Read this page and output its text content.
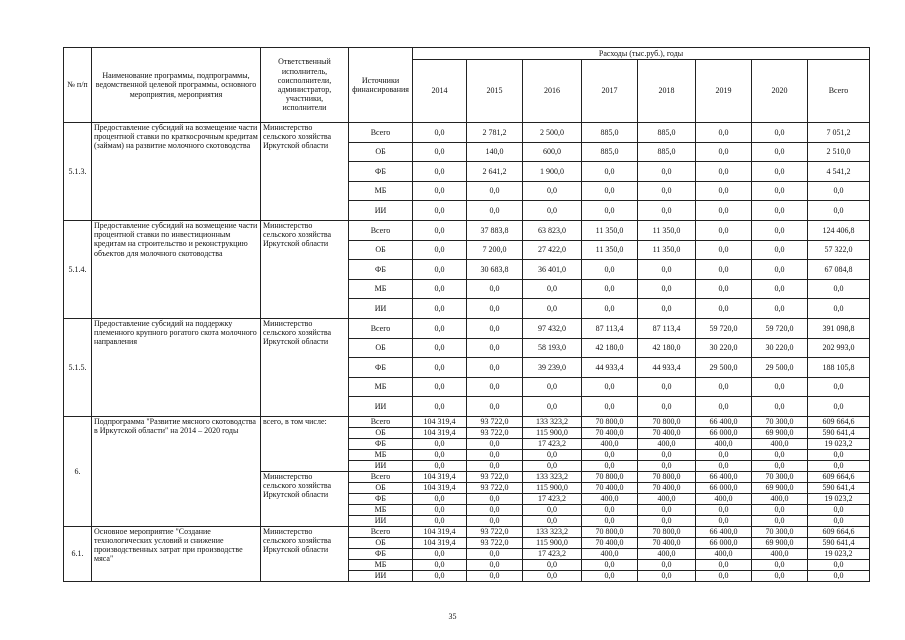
№ п/п	Наименование программы, подпрограммы, ведомственной целевой программы, основного мероприятия, мероприятия	Ответственный исполнитель, соисполнители, администратор, участники, исполнители	Источники финансирования	Расходы (тыс.руб.), годы							
				2014	2015	2016	2017	2018	2019	2020	Всего
5.1.3.	Предоставление субсидий на возмещение части процентной ставки по краткосрочным кредитам (займам) на развитие молочного скотоводства	Министерство сельского хозяйства Иркутской области	Всего	0,0	2 781,2	2 500,0	885,0	885,0	0,0	0,0	7 051,2
			ОБ	0,0	140,0	600,0	885,0	885,0	0,0	0,0	2 510,0
			ФБ	0,0	2 641,2	1 900,0	0,0	0,0	0,0	0,0	4 541,2
			МБ	0,0	0,0	0,0	0,0	0,0	0,0	0,0	0,0
			ИИ	0,0	0,0	0,0	0,0	0,0	0,0	0,0	0,0
5.1.4.	Предоставление субсидий на возмещение части процентной ставки по инвестиционным кредитам на строительство и реконструкцию объектов для молочного скотоводства	Министерство сельского хозяйства Иркутской области	Всего	0,0	37 883,8	63 823,0	11 350,0	11 350,0	0,0	0,0	124 406,8
			ОБ	0,0	7 200,0	27 422,0	11 350,0	11 350,0	0,0	0,0	57 322,0
			ФБ	0,0	30 683,8	36 401,0	0,0	0,0	0,0	0,0	67 084,8
			МБ	0,0	0,0	0,0	0,0	0,0	0,0	0,0	0,0
			ИИ	0,0	0,0	0,0	0,0	0,0	0,0	0,0	0,0
5.1.5.	Предоставление субсидий на поддержку племенного крупного рогатого скота молочного направления	Министерство сельского хозяйства Иркутской области	Всего	0,0	0,0	97 432,0	87 113,4	87 113,4	59 720,0	59 720,0	391 098,8
			ОБ	0,0	0,0	58 193,0	42 180,0	42 180,0	30 220,0	30 220,0	202 993,0
			ФБ	0,0	0,0	39 239,0	44 933,4	44 933,4	29 500,0	29 500,0	188 105,8
			МБ	0,0	0,0	0,0	0,0	0,0	0,0	0,0	0,0
			ИИ	0,0	0,0	0,0	0,0	0,0	0,0	0,0	0,0
6.	Подпрограмма "Развитие мясного скотоводства в Иркутской области" на 2014 – 2020 годы	всего, в том числе:	Всего	104 319,4	93 722,0	133 323,2	70 800,0	70 800,0	66 400,0	70 300,0	609 664,6
			ОБ	104 319,4	93 722,0	115 900,0	70 400,0	70 400,0	66 000,0	69 900,0	590 641,4
			ФБ	0,0	0,0	17 423,2	400,0	400,0	400,0	400,0	19 023,2
			МБ	0,0	0,0	0,0	0,0	0,0	0,0	0,0	0,0
			ИИ	0,0	0,0	0,0	0,0	0,0	0,0	0,0	0,0
		Министерство сельского хозяйства Иркутской области	Всего	104 319,4	93 722,0	133 323,2	70 800,0	70 800,0	66 400,0	70 300,0	609 664,6
			ОБ	104 319,4	93 722,0	115 900,0	70 400,0	70 400,0	66 000,0	69 900,0	590 641,4
			ФБ	0,0	0,0	17 423,2	400,0	400,0	400,0	400,0	19 023,2
			МБ	0,0	0,0	0,0	0,0	0,0	0,0	0,0	0,0
			ИИ	0,0	0,0	0,0	0,0	0,0	0,0	0,0	0,0
6.1.	Основное мероприятие "Создание технологических условий и снижение производственных затрат при производстве мяса"	Министерство сельского хозяйства Иркутской области	Всего	104 319,4	93 722,0	133 323,2	70 800,0	70 800,0	66 400,0	70 300,0	609 664,6
			ОБ	104 319,4	93 722,0	115 900,0	70 400,0	70 400,0	66 000,0	69 900,0	590 641,4
			ФБ	0,0	0,0	17 423,2	400,0	400,0	400,0	400,0	19 023,2
			МБ	0,0	0,0	0,0	0,0	0,0	0,0	0,0	0,0
			ИИ	0,0	0,0	0,0	0,0	0,0	0,0	0,0	0,0
35
